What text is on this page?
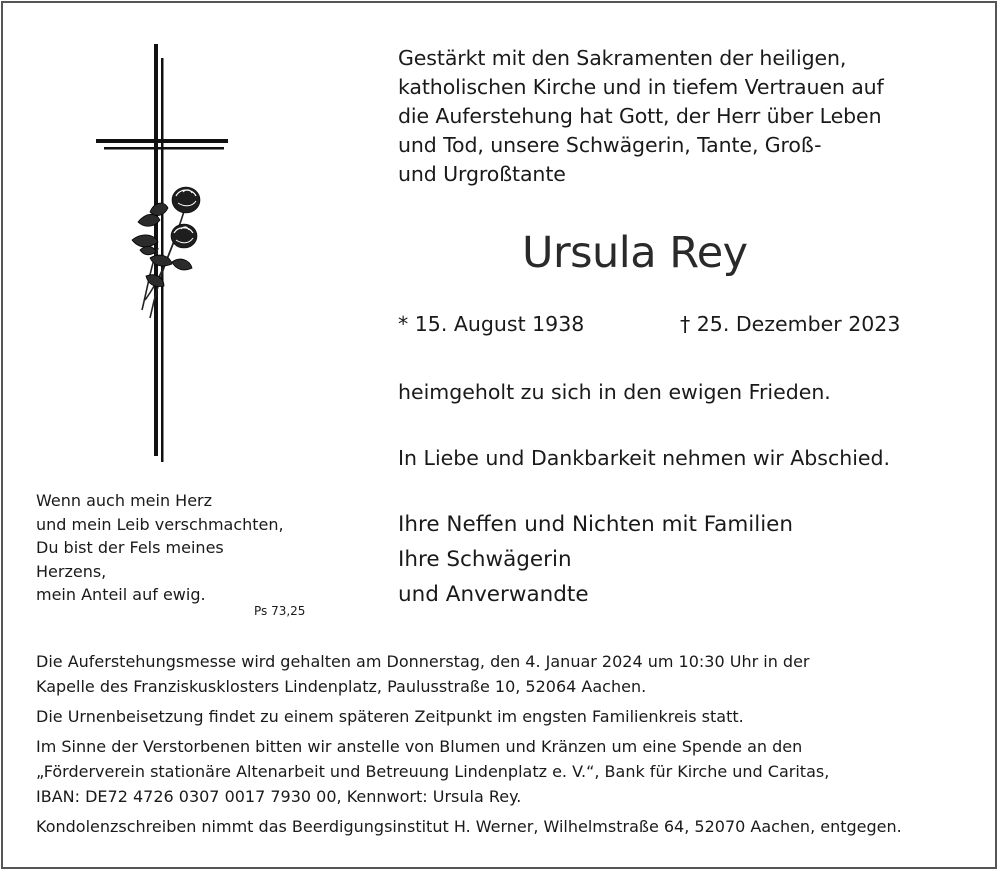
Gestärkt mit den Sakramenten der heiligen,
katholischen Kirche und in tiefem Vertrauen auf
die Auferstehung hat Gott, der Herr über Leben
und Tod, unsere Schwägerin, Tante, Groß-
und Urgroßtante
Ursula Rey
* 15. August 1938	† 25. Dezember 2023
heimgeholt zu sich in den ewigen Frieden.
In Liebe und Dankbarkeit nehmen wir Abschied.
Ihre Neffen und Nichten mit Familien
Ihre Schwägerin
und Anverwandte
Wenn auch mein Herz
und mein Leib verschmachten,
Du bist der Fels meines
Herzens,
mein Anteil auf ewig.
Ps 73,25
Die Auferstehungsmesse wird gehalten am Donnerstag, den 4. Januar 2024 um 10:30 Uhr in der
Kapelle des Franziskusklosters Lindenplatz, Paulusstraße 10, 52064 Aachen.
Die Urnenbeisetzung findet zu einem späteren Zeitpunkt im engsten Familienkreis statt.
Im Sinne der Verstorbenen bitten wir anstelle von Blumen und Kränzen um eine Spende an den
„Förderverein stationäre Altenarbeit und Betreuung Lindenplatz e. V.“, Bank für Kirche und Caritas,
IBAN: DE72 4726 0307 0017 7930 00, Kennwort: Ursula Rey.
Kondolenzschreiben nimmt das Beerdigungsinstitut H. Werner, Wilhelmstraße 64, 52070 Aachen, entgegen.
